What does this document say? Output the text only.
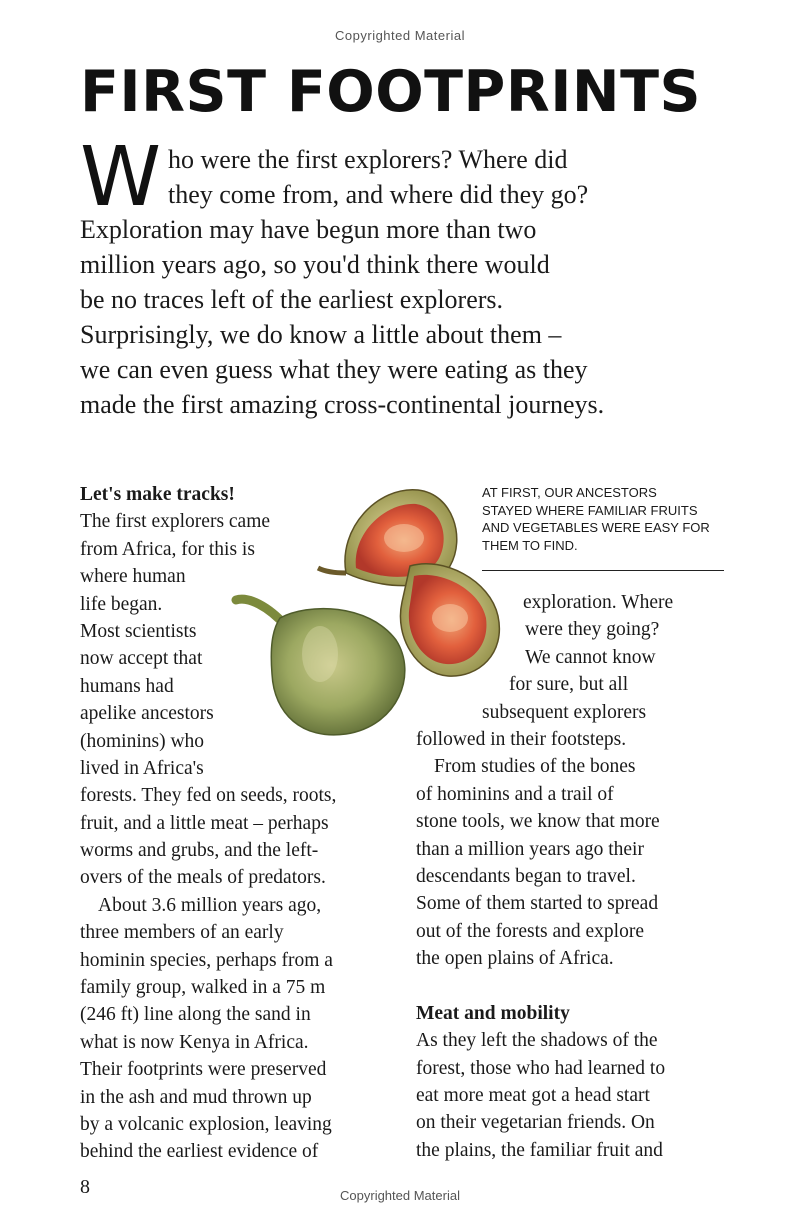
Copyrighted Material
FIRST FOOTPRINTS
W ho were the first explorers? Where did
they come from, and where did they go?
Exploration may have begun more than two
million years ago, so you'd think there would
be no traces left of the earliest explorers.
Surprisingly, we do know a little about them –
we can even guess what they were eating as they
made the first amazing cross-continental journeys.
Let's make tracks!
The first explorers came
from Africa, for this is
where human
life began.
Most scientists
now accept that
humans had
apelike ancestors
(hominins) who
lived in Africa's
forests. They fed on seeds, roots,
fruit, and a little meat – perhaps
worms and grubs, and the left-
overs of the meals of predators.
About 3.6 million years ago,
three members of an early
hominin species, perhaps from a
family group, walked in a 75 m
(246 ft) line along the sand in
what is now Kenya in Africa.
Their footprints were preserved
in the ash and mud thrown up
by a volcanic explosion, leaving
behind the earliest evidence of
AT FIRST, OUR ANCESTORS
STAYED WHERE FAMILIAR FRUITS
AND VEGETABLES WERE EASY FOR
THEM TO FIND.
exploration. Where
were they going?
We cannot know
for sure, but all
subsequent explorers
followed in their footsteps.
From studies of the bones
of hominins and a trail of
stone tools, we know that more
than a million years ago their
descendants began to travel.
Some of them started to spread
out of the forests and explore
the open plains of Africa.
Meat and mobility
As they left the shadows of the
forest, those who had learned to
eat more meat got a head start
on their vegetarian friends. On
the plains, the familiar fruit and
8	Copyrighted Material
